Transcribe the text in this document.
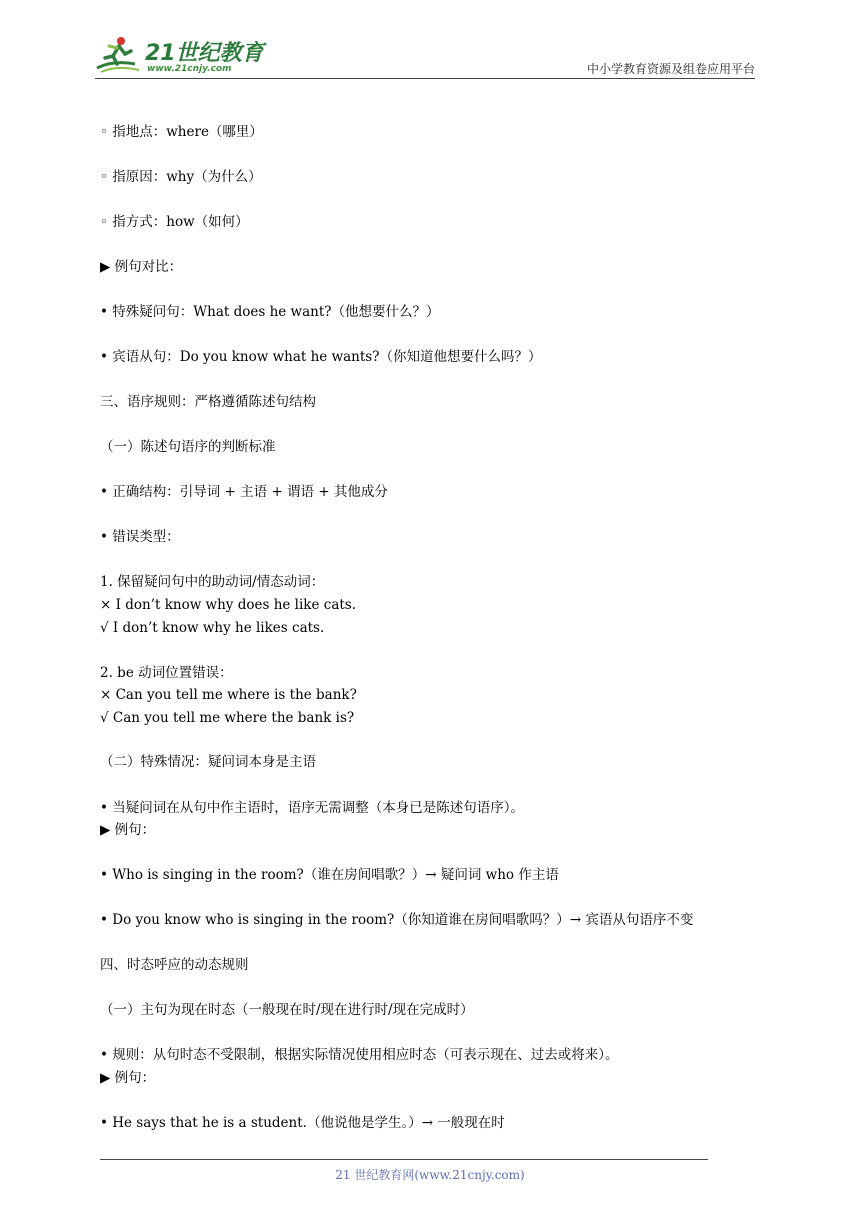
21世纪教育
www.21cnjy.com	中小学教育资源及组卷应用平台
◦ 指地点：where（哪里）
◦ 指原因：why（为什么）
◦ 指方式：how（如何）
▶ 例句对比：
• 特殊疑问句：What does he want?（他想要什么？）
• 宾语从句：Do you know what he wants?（你知道他想要什么吗？）
三、语序规则：严格遵循陈述句结构
（一）陈述句语序的判断标准
• 正确结构：引导词 + 主语 + 谓语 + 其他成分
• 错误类型：
1. 保留疑问句中的助动词/情态动词：
× I don’t know why does he like cats.
√ I don’t know why he likes cats.
2. be 动词位置错误：
× Can you tell me where is the bank?
√ Can you tell me where the bank is?
（二）特殊情况：疑问词本身是主语
• 当疑问词在从句中作主语时，语序无需调整（本身已是陈述句语序）。
▶ 例句：
• Who is singing in the room?（谁在房间唱歌？）→ 疑问词 who 作主语
• Do you know who is singing in the room?（你知道谁在房间唱歌吗？）→ 宾语从句语序不变
四、时态呼应的动态规则
（一）主句为现在时态（一般现在时/现在进行时/现在完成时）
• 规则：从句时态不受限制，根据实际情况使用相应时态（可表示现在、过去或将来）。
▶ 例句：
• He says that he is a student.（他说他是学生。）→ 一般现在时
21 世纪教育网(www.21cnjy.com)
